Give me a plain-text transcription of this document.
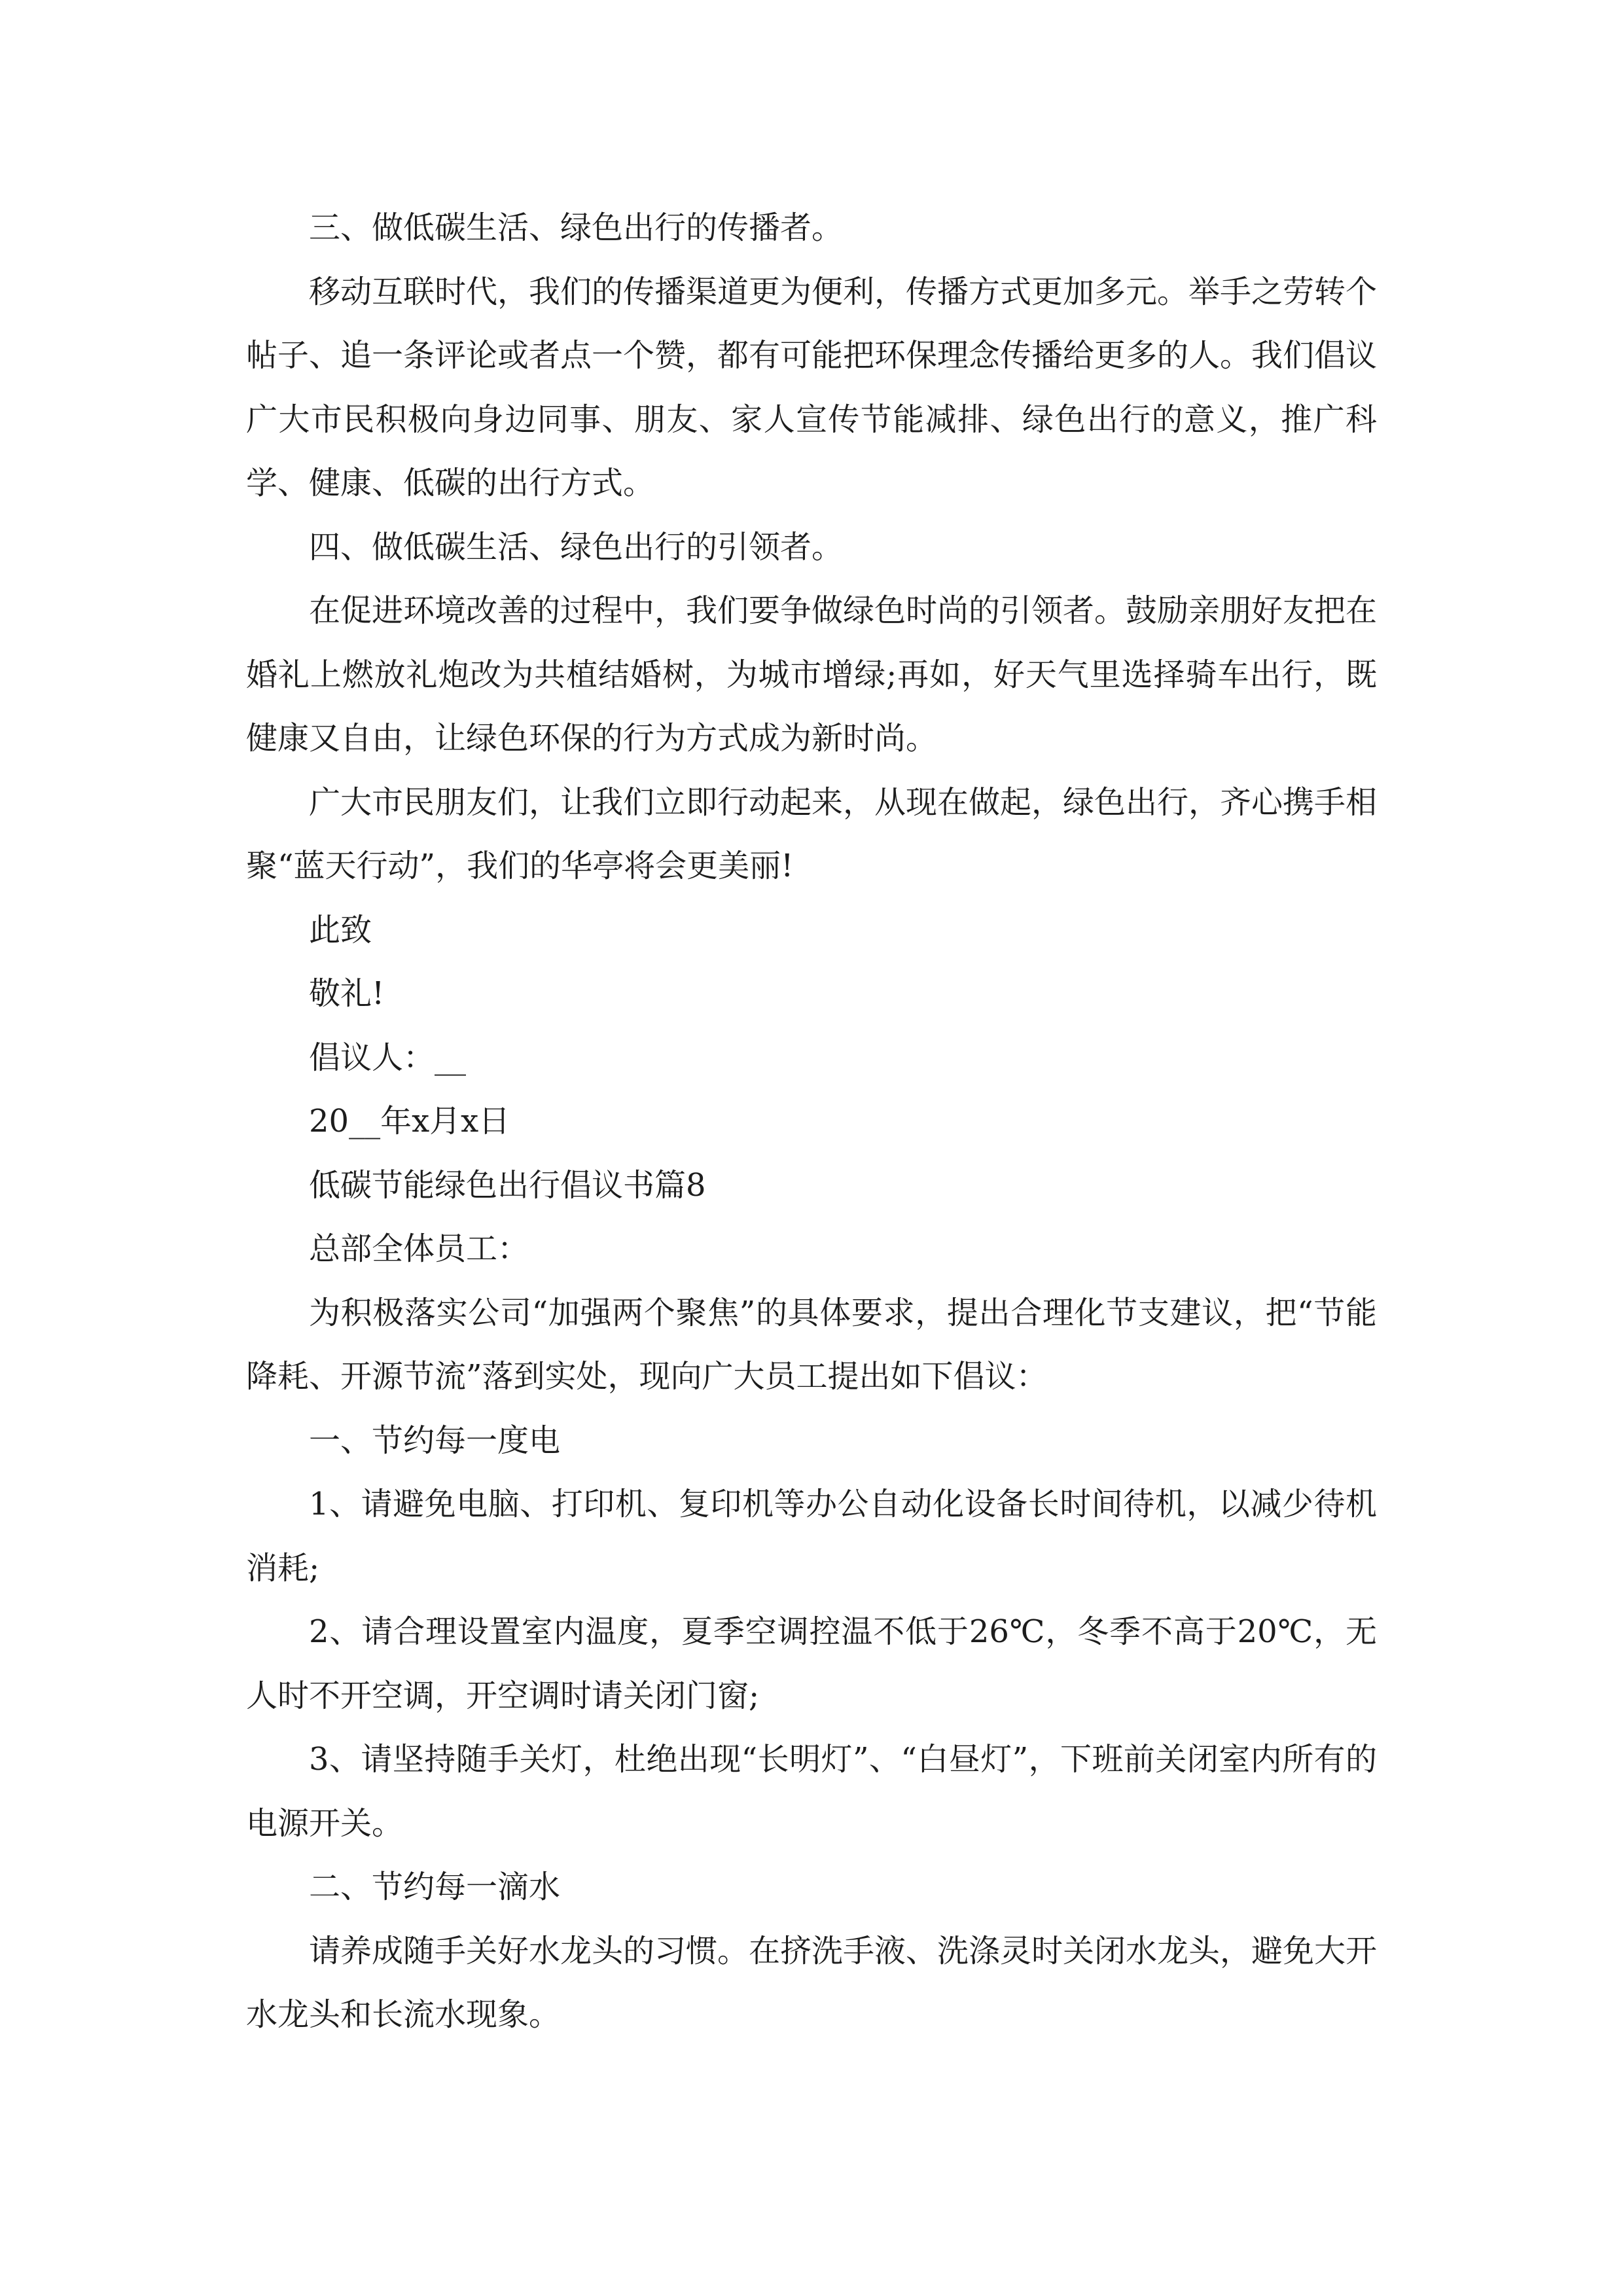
三、做低碳生活、绿色出行的传播者。

移动互联时代，我们的传播渠道更为便利，传播方式更加多元。举手之劳转个帖子、追一条评论或者点一个赞，都有可能把环保理念传播给更多的人。我们倡议广大市民积极向身边同事、朋友、家人宣传节能减排、绿色出行的意义，推广科学、健康、低碳的出行方式。

四、做低碳生活、绿色出行的引领者。

在促进环境改善的过程中，我们要争做绿色时尚的引领者。鼓励亲朋好友把在婚礼上燃放礼炮改为共植结婚树，为城市增绿;再如，好天气里选择骑车出行，既健康又自由，让绿色环保的行为方式成为新时尚。

广大市民朋友们，让我们立即行动起来，从现在做起，绿色出行，齐心携手相聚“蓝天行动”，我们的华亭将会更美丽!

此致

敬礼!

倡议人：__

20__年x月x日

低碳节能绿色出行倡议书篇8

总部全体员工：

为积极落实公司“加强两个聚焦”的具体要求，提出合理化节支建议，把“节能降耗、开源节流”落到实处，现向广大员工提出如下倡议：

一、节约每一度电

1、请避免电脑、打印机、复印机等办公自动化设备长时间待机，以减少待机消耗;

2、请合理设置室内温度，夏季空调控温不低于26℃，冬季不高于20℃，无人时不开空调，开空调时请关闭门窗;

3、请坚持随手关灯，杜绝出现“长明灯”、“白昼灯”，下班前关闭室内所有的电源开关。

二、节约每一滴水

请养成随手关好水龙头的习惯。在挤洗手液、洗涤灵时关闭水龙头，避免大开水龙头和长流水现象。
